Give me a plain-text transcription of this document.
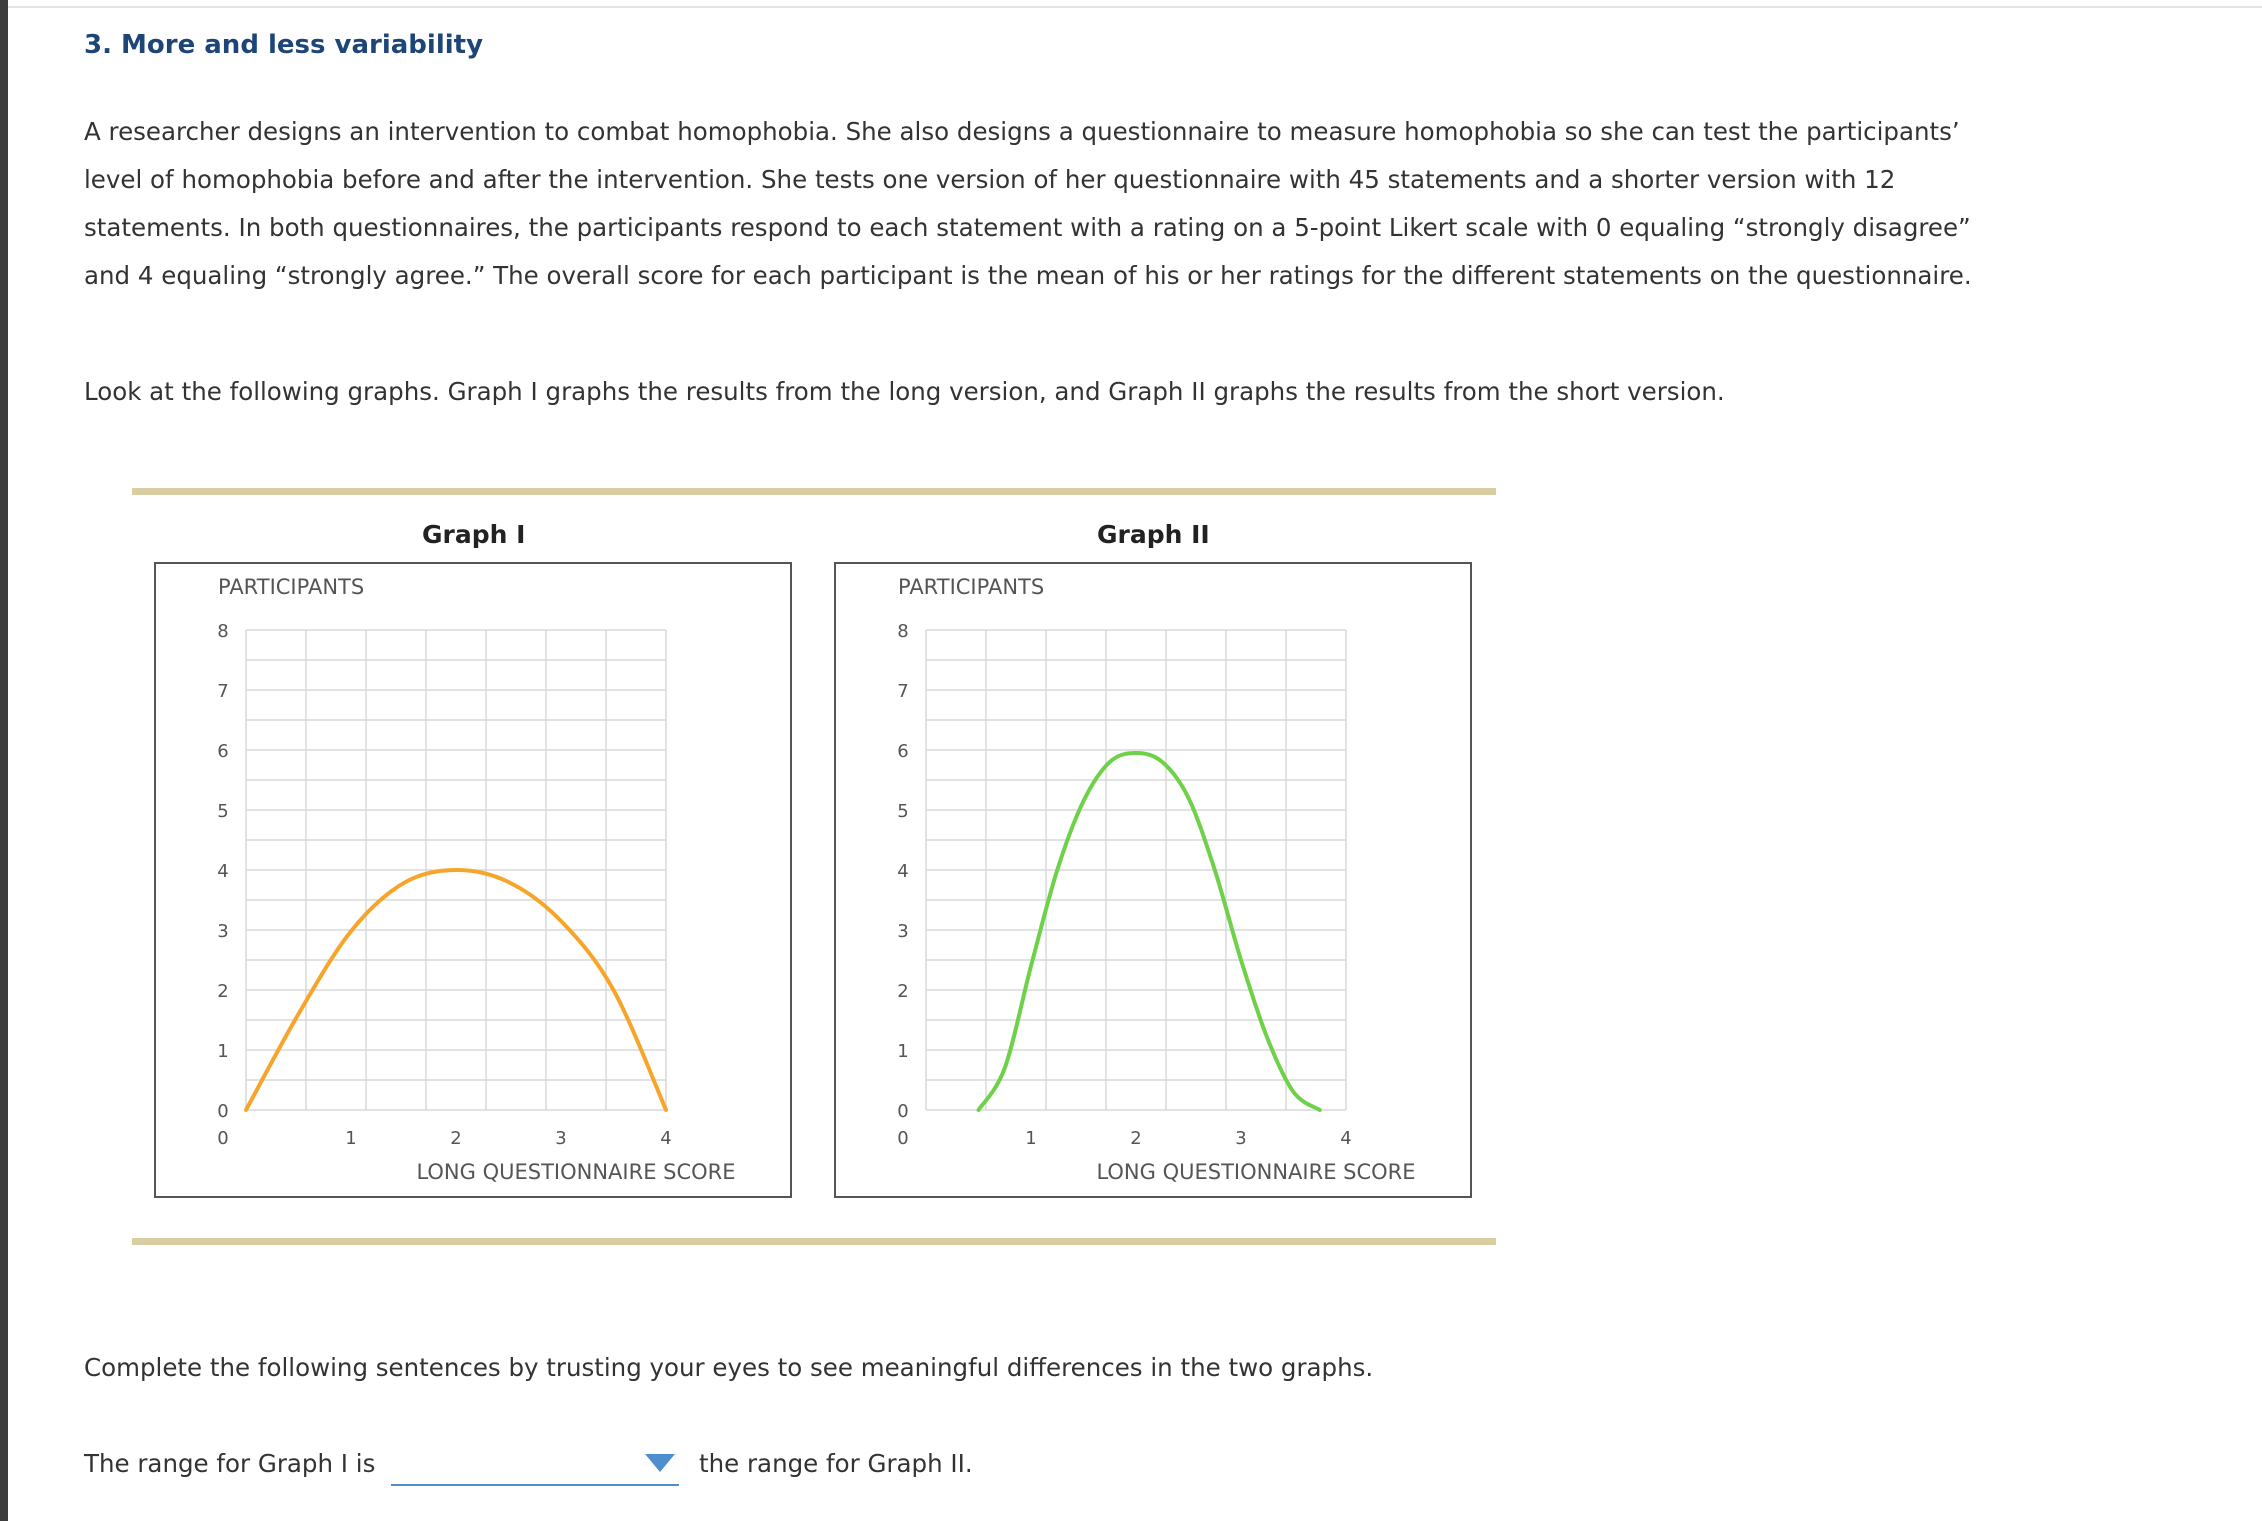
3. More and less variability

A researcher designs an intervention to combat homophobia. She also designs a questionnaire to measure homophobia so she can test the participants’ level of homophobia before and after the intervention. She tests one version of her questionnaire with 45 statements and a shorter version with 12 statements. In both questionnaires, the participants respond to each statement with a rating on a 5-point Likert scale with 0 equaling “strongly disagree” and 4 equaling “strongly agree.” The overall score for each participant is the mean of his or her ratings for the different statements on the questionnaire.

Look at the following graphs. Graph I graphs the results from the long version, and Graph II graphs the results from the short version.

Graph I	Graph II
PARTICIPANTS
0
1
2
3
4
5
6
7
8
0	1	2	3	4
LONG QUESTIONNAIRE SCORE
PARTICIPANTS
0
1
2
3
4
5
6
7
8
0	1	2	3	4
LONG QUESTIONNAIRE SCORE

Complete the following sentences by trusting your eyes to see meaningful differences in the two graphs.

The range for Graph I is	the range for Graph II.
